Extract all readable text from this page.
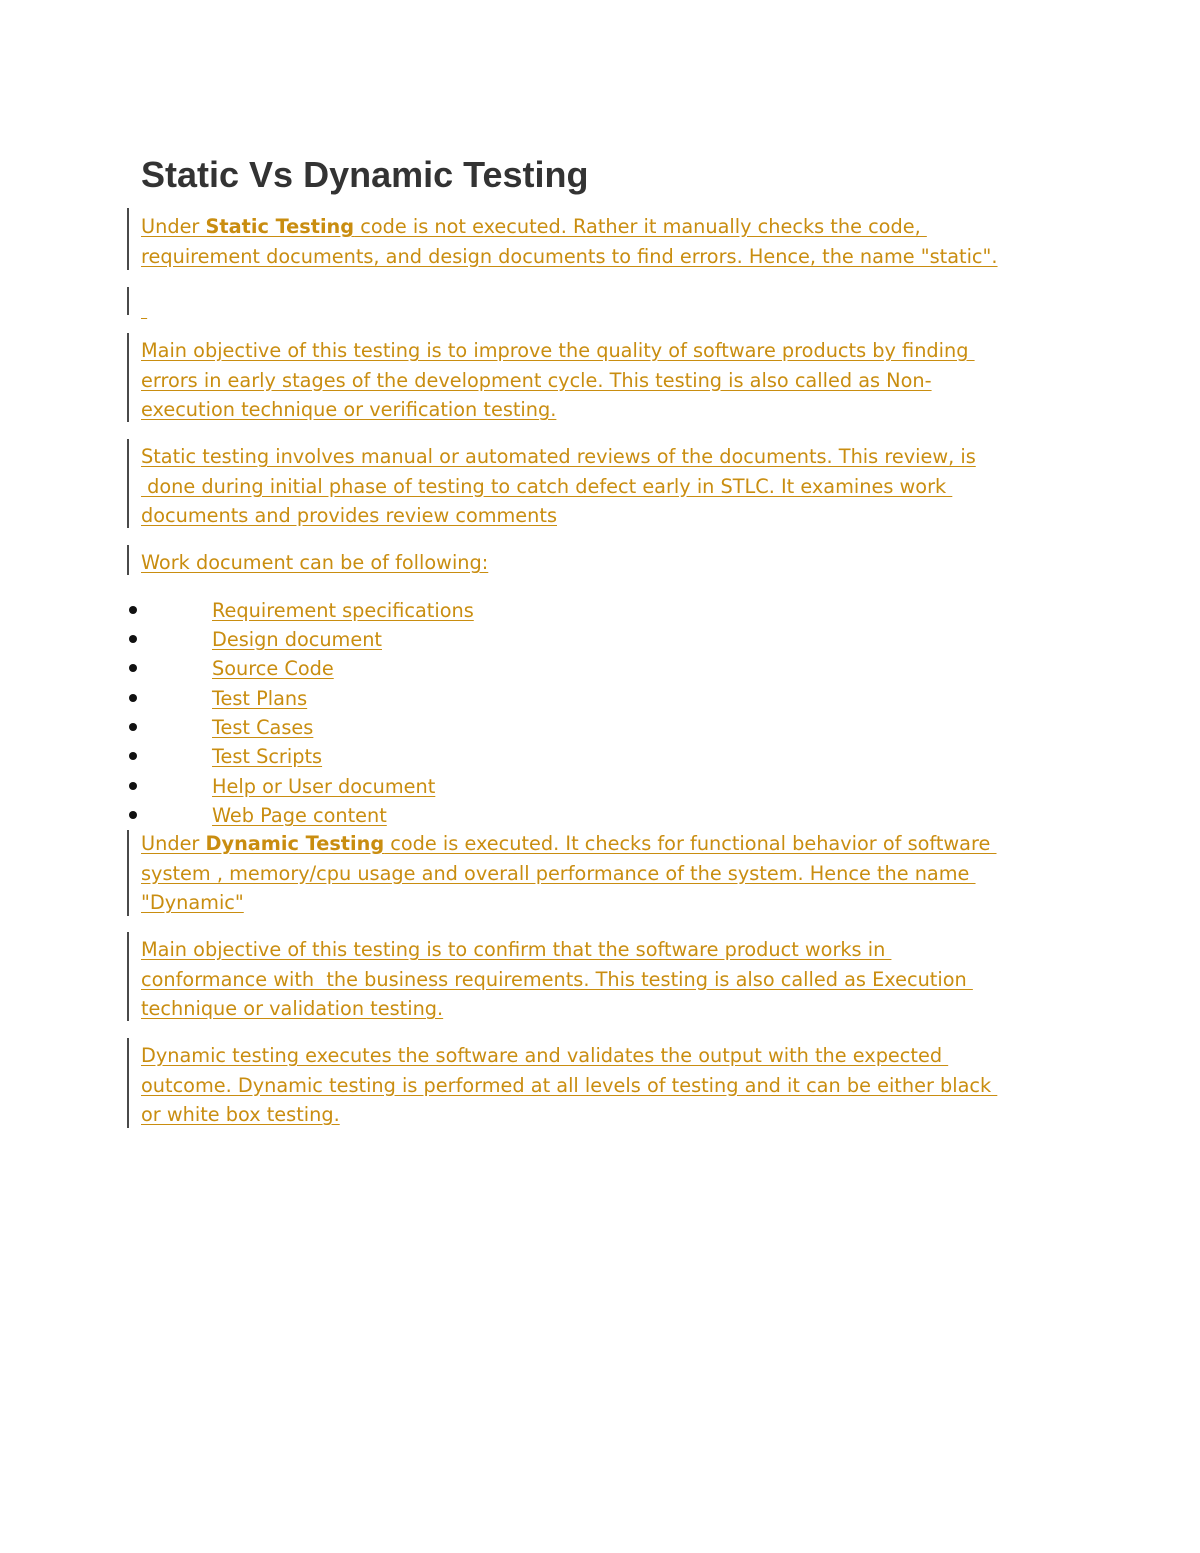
Static Vs Dynamic Testing

Under Static Testing code is not executed. Rather it manually checks the code,
requirement documents, and design documents to find errors. Hence, the name "static".

Main objective of this testing is to improve the quality of software products by finding
errors in early stages of the development cycle. This testing is also called as Non-
execution technique or verification testing.

Static testing involves manual or automated reviews of the documents. This review, is
done during initial phase of testing to catch defect early in STLC. It examines work
documents and provides review comments

Work document can be of following:

Requirement specifications
Design document
Source Code
Test Plans
Test Cases
Test Scripts
Help or User document
Web Page content

Under Dynamic Testing code is executed. It checks for functional behavior of software
system , memory/cpu usage and overall performance of the system. Hence the name
"Dynamic"

Main objective of this testing is to confirm that the software product works in
conformance with  the business requirements. This testing is also called as Execution
technique or validation testing.

Dynamic testing executes the software and validates the output with the expected
outcome. Dynamic testing is performed at all levels of testing and it can be either black
or white box testing.
